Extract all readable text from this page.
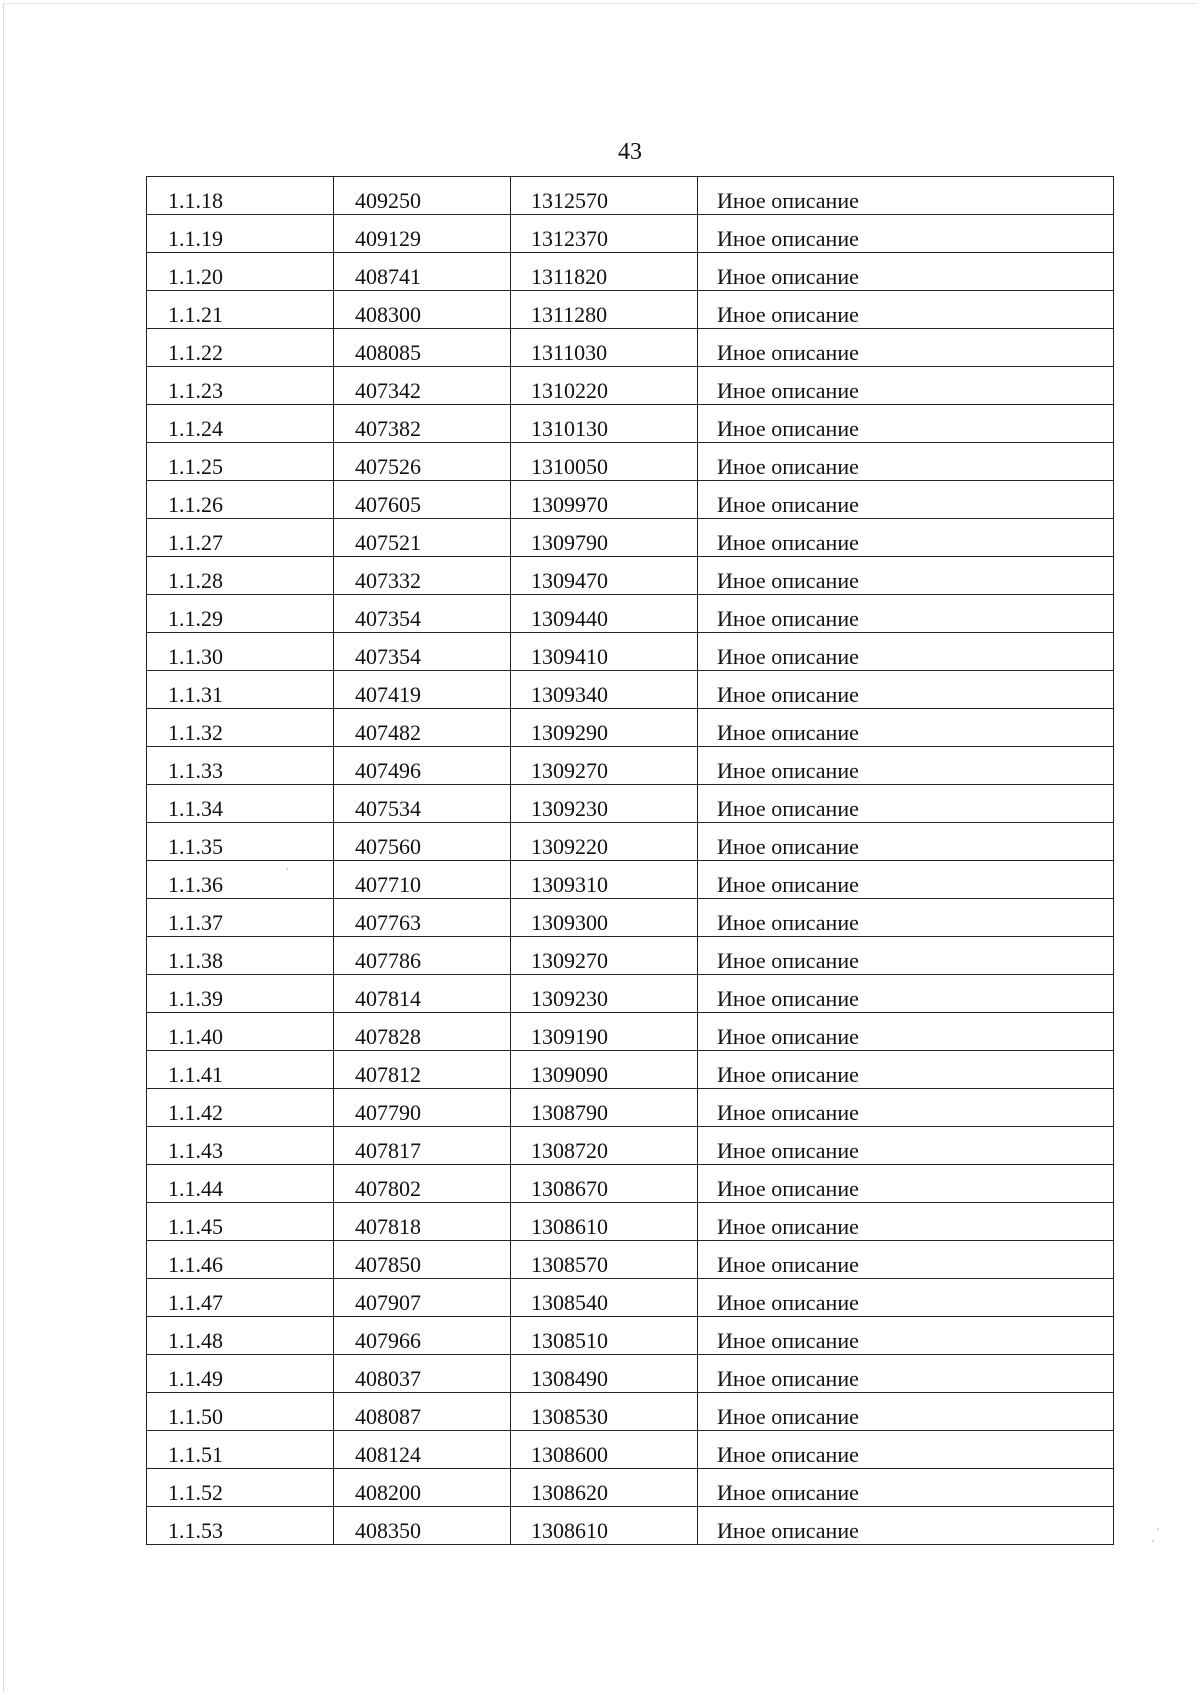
43
1.1.18	409250	1312570	Иное описание
1.1.19	409129	1312370	Иное описание
1.1.20	408741	1311820	Иное описание
1.1.21	408300	1311280	Иное описание
1.1.22	408085	1311030	Иное описание
1.1.23	407342	1310220	Иное описание
1.1.24	407382	1310130	Иное описание
1.1.25	407526	1310050	Иное описание
1.1.26	407605	1309970	Иное описание
1.1.27	407521	1309790	Иное описание
1.1.28	407332	1309470	Иное описание
1.1.29	407354	1309440	Иное описание
1.1.30	407354	1309410	Иное описание
1.1.31	407419	1309340	Иное описание
1.1.32	407482	1309290	Иное описание
1.1.33	407496	1309270	Иное описание
1.1.34	407534	1309230	Иное описание
1.1.35	407560	1309220	Иное описание
1.1.36	407710	1309310	Иное описание
1.1.37	407763	1309300	Иное описание
1.1.38	407786	1309270	Иное описание
1.1.39	407814	1309230	Иное описание
1.1.40	407828	1309190	Иное описание
1.1.41	407812	1309090	Иное описание
1.1.42	407790	1308790	Иное описание
1.1.43	407817	1308720	Иное описание
1.1.44	407802	1308670	Иное описание
1.1.45	407818	1308610	Иное описание
1.1.46	407850	1308570	Иное описание
1.1.47	407907	1308540	Иное описание
1.1.48	407966	1308510	Иное описание
1.1.49	408037	1308490	Иное описание
1.1.50	408087	1308530	Иное описание
1.1.51	408124	1308600	Иное описание
1.1.52	408200	1308620	Иное описание
1.1.53	408350	1308610	Иное описание
